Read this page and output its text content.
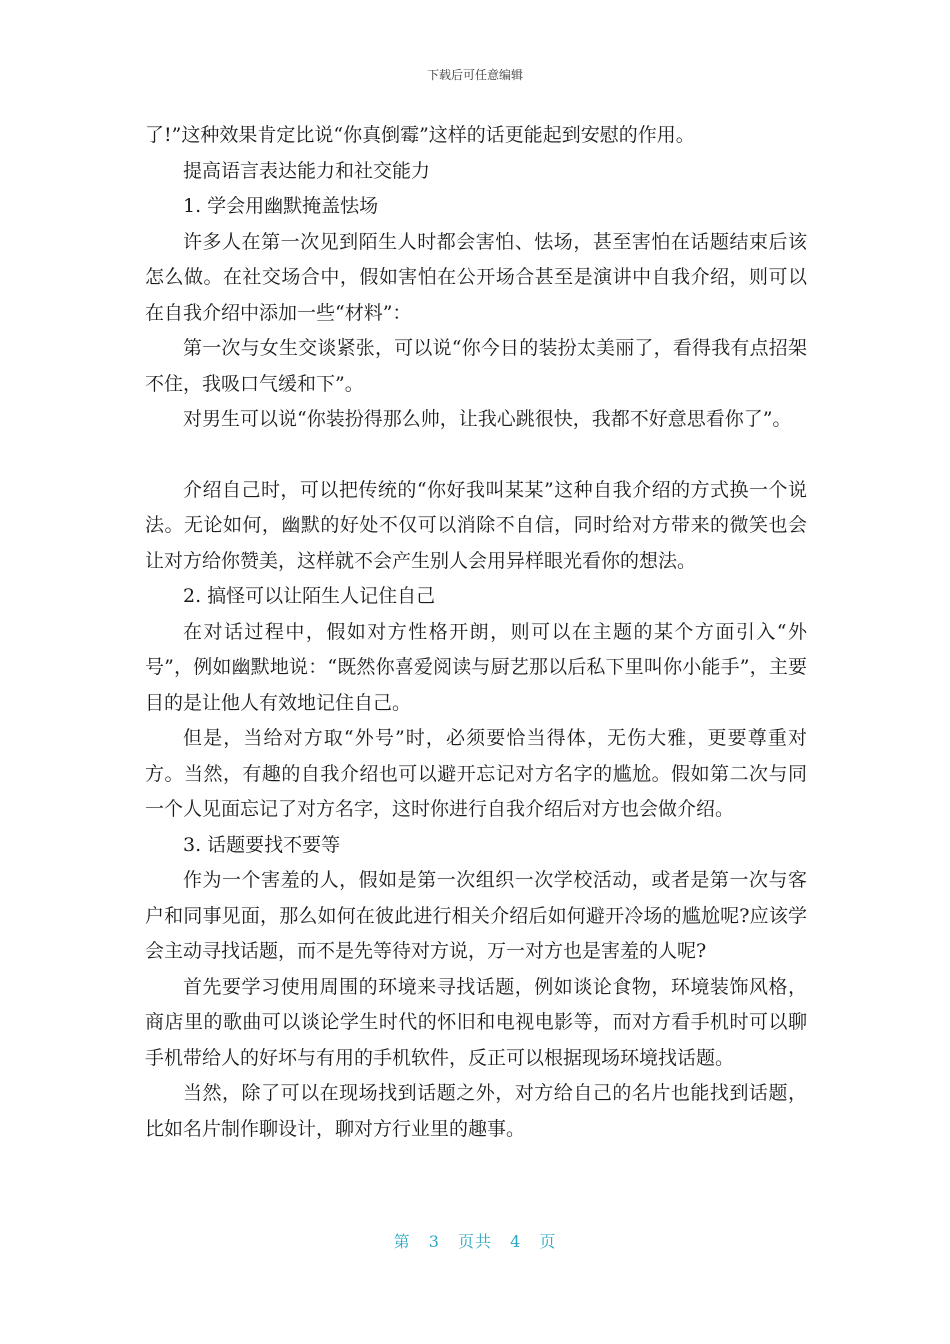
下载后可任意编辑

了!”这种效果肯定比说“你真倒霉”这样的话更能起到安慰的作用。

提高语言表达能力和社交能力

1. 学会用幽默掩盖怯场

许多人在第一次见到陌生人时都会害怕、怯场，甚至害怕在话题结束后该怎么做。在社交场合中，假如害怕在公开场合甚至是演讲中自我介绍，则可以在自我介绍中添加一些“材料”：

第一次与女生交谈紧张，可以说“你今日的装扮太美丽了，看得我有点招架不住，我吸口气缓和下”。

对男生可以说“你装扮得那么帅，让我心跳很快，我都不好意思看你了”。

介绍自己时，可以把传统的“你好我叫某某”这种自我介绍的方式换一个说法。无论如何，幽默的好处不仅可以消除不自信，同时给对方带来的微笑也会让对方给你赞美，这样就不会产生别人会用异样眼光看你的想法。

2. 搞怪可以让陌生人记住自己

在对话过程中，假如对方性格开朗，则可以在主题的某个方面引入“外号”，例如幽默地说：“既然你喜爱阅读与厨艺那以后私下里叫你小能手”，主要目的是让他人有效地记住自己。

但是，当给对方取“外号”时，必须要恰当得体，无伤大雅，更要尊重对方。当然，有趣的自我介绍也可以避开忘记对方名字的尴尬。假如第二次与同一个人见面忘记了对方名字，这时你进行自我介绍后对方也会做介绍。

3. 话题要找不要等

作为一个害羞的人，假如是第一次组织一次学校活动，或者是第一次与客户和同事见面，那么如何在彼此进行相关介绍后如何避开冷场的尴尬呢?应该学会主动寻找话题，而不是先等待对方说，万一对方也是害羞的人呢?

首先要学习使用周围的环境来寻找话题，例如谈论食物，环境装饰风格，商店里的歌曲可以谈论学生时代的怀旧和电视电影等，而对方看手机时可以聊手机带给人的好坏与有用的手机软件，反正可以根据现场环境找话题。

当然，除了可以在现场找到话题之外，对方给自己的名片也能找到话题，比如名片制作聊设计，聊对方行业里的趣事。

第 3 页共 4 页
